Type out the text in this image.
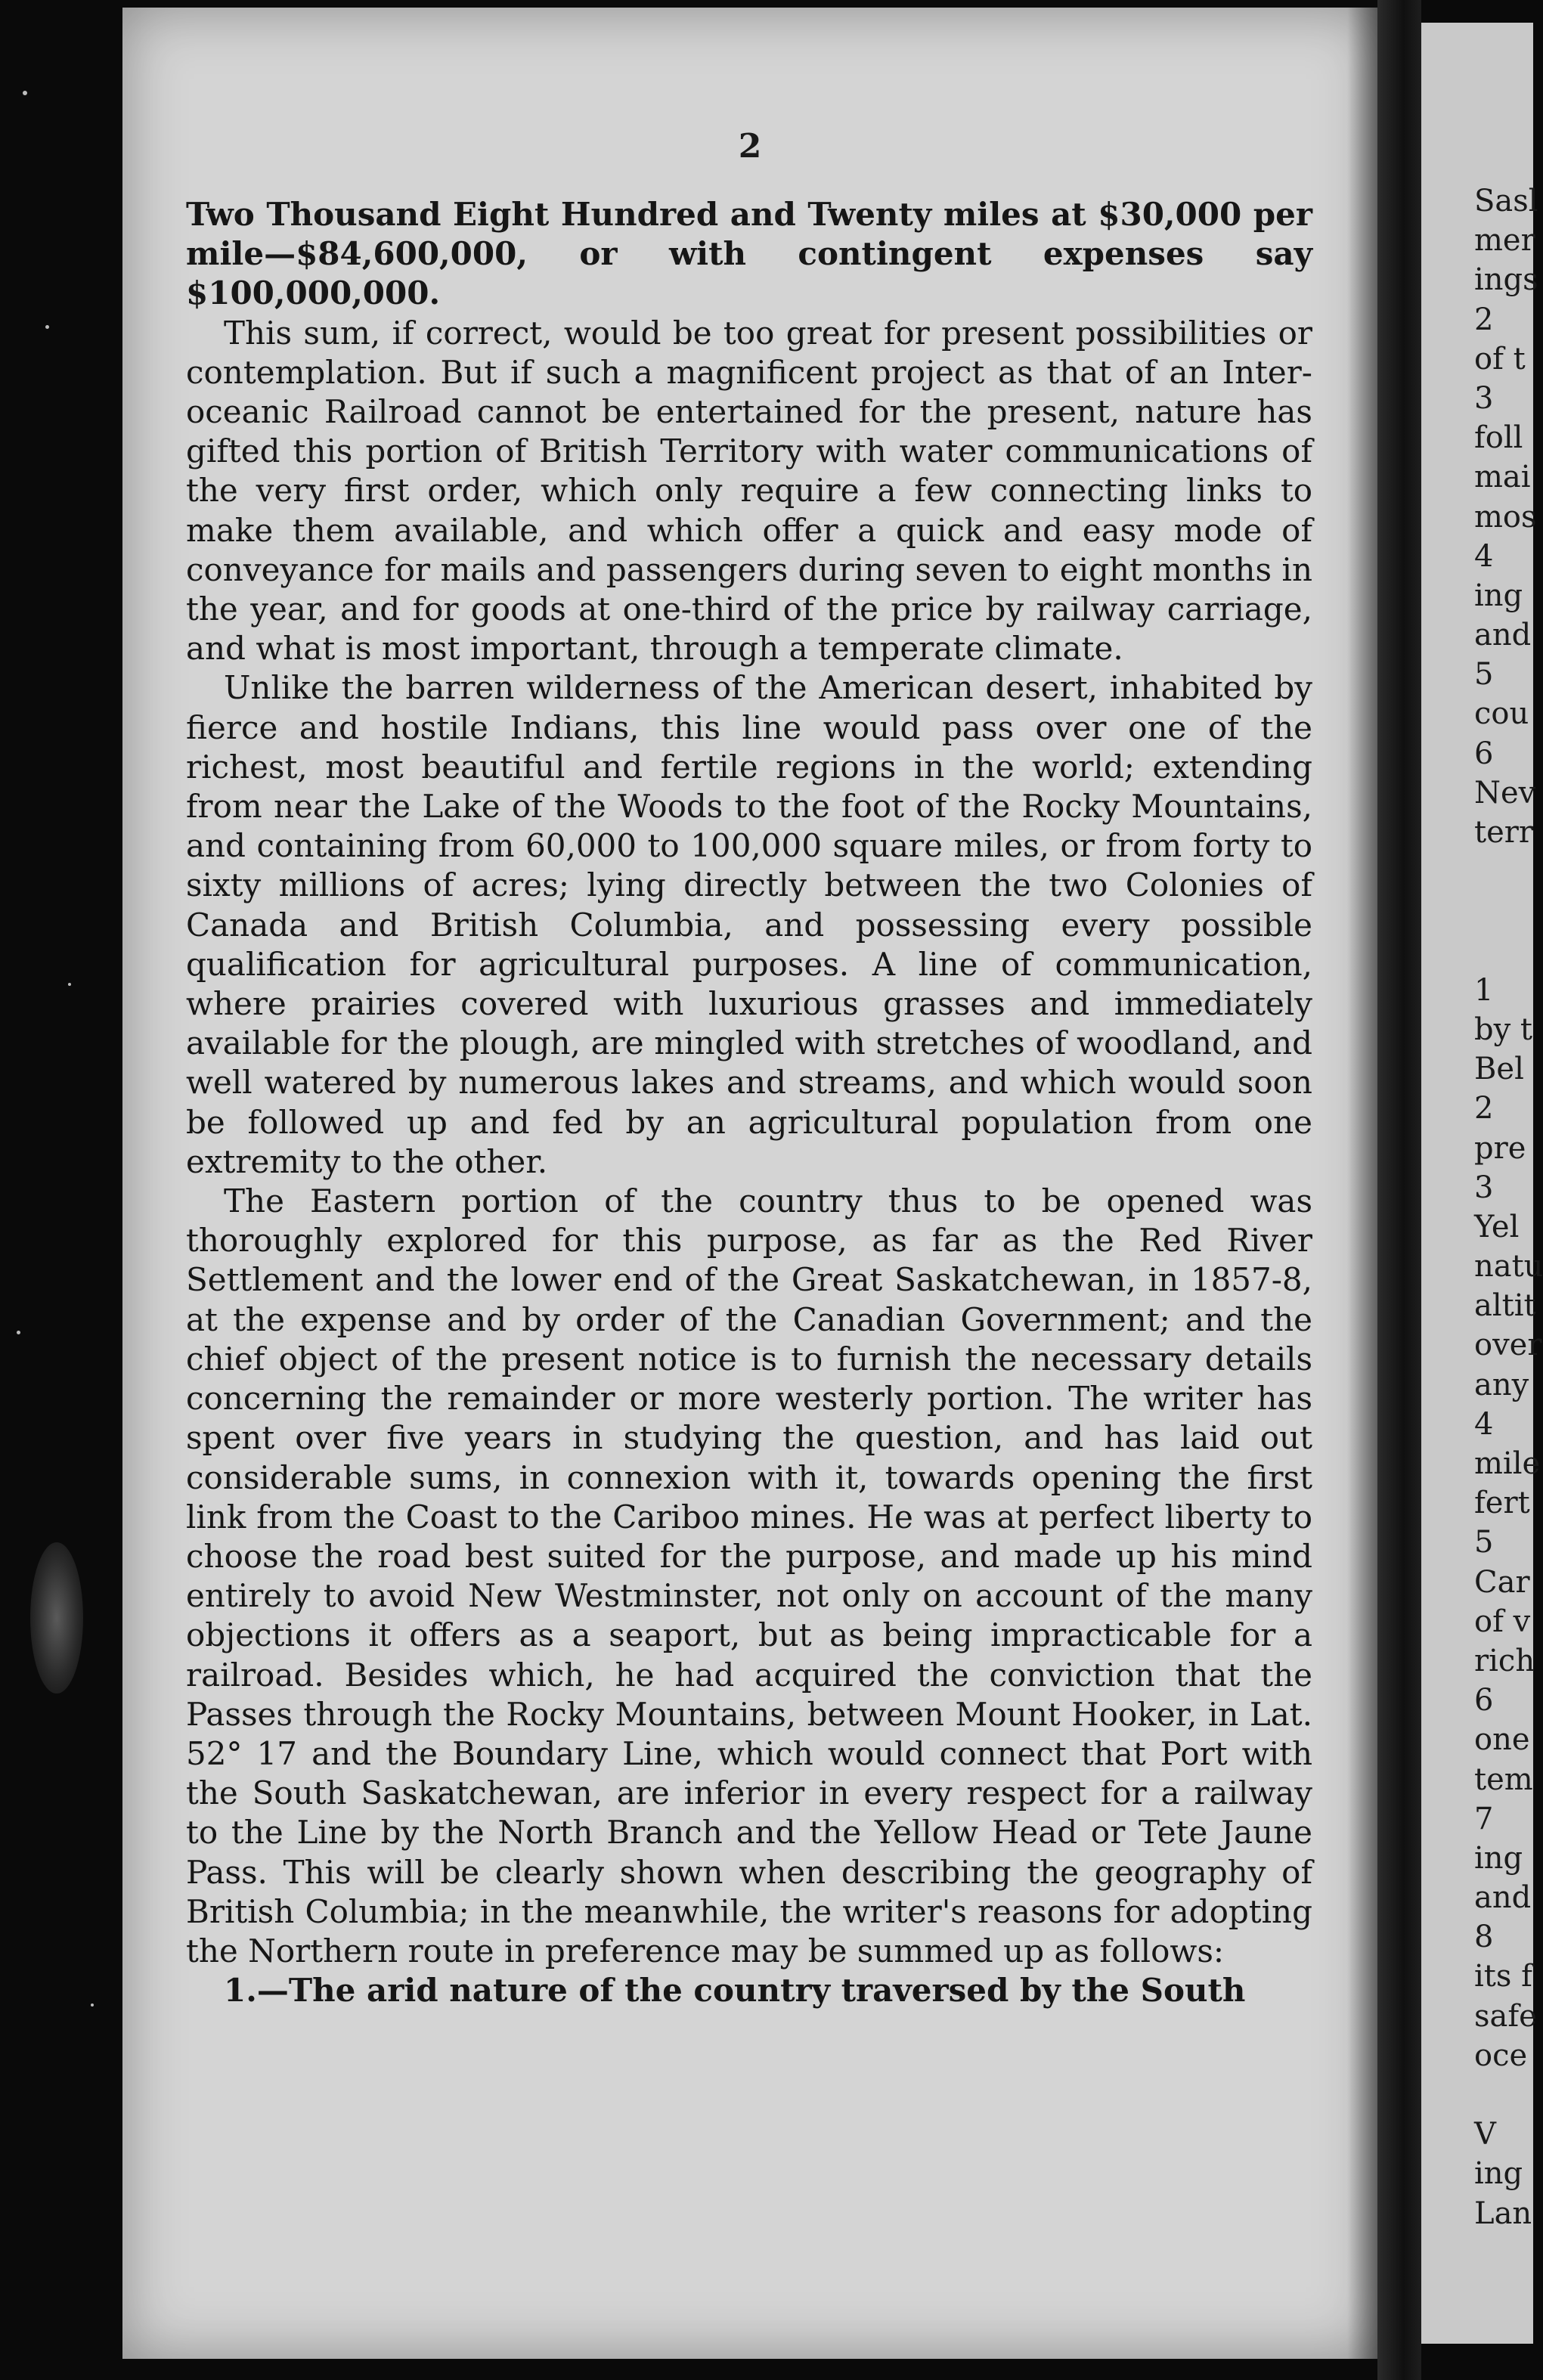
2

Two Thousand Eight Hundred and Twenty miles at $30,000 per mile—$84,600,000, or with contingent expenses say $100,000,000.

This sum, if correct, would be too great for present possibilities or contemplation. But if such a magnificent project as that of an Inter-oceanic Railroad cannot be entertained for the present, nature has gifted this portion of British Territory with water communications of the very first order, which only require a few connecting links to make them available, and which offer a quick and easy mode of conveyance for mails and passengers during seven to eight months in the year, and for goods at one-third of the price by railway carriage, and what is most important, through a temperate climate.

Unlike the barren wilderness of the American desert, inhabited by fierce and hostile Indians, this line would pass over one of the richest, most beautiful and fertile regions in the world; extending from near the Lake of the Woods to the foot of the Rocky Mountains, and containing from 60,000 to 100,000 square miles, or from forty to sixty millions of acres; lying directly between the two Colonies of Canada and British Columbia, and possessing every possible qualification for agricultural purposes. A line of communication, where prairies covered with luxurious grasses and immediately available for the plough, are mingled with stretches of woodland, and well watered by numerous lakes and streams, and which would soon be followed up and fed by an agricultural population from one extremity to the other.

The Eastern portion of the country thus to be opened was thoroughly explored for this purpose, as far as the Red River Settlement and the lower end of the Great Saskatchewan, in 1857-8, at the expense and by order of the Canadian Government; and the chief object of the present notice is to furnish the necessary details concerning the remainder or more westerly portion. The writer has spent over five years in studying the question, and has laid out considerable sums, in connexion with it, towards opening the first link from the Coast to the Cariboo mines. He was at perfect liberty to choose the road best suited for the purpose, and made up his mind entirely to avoid New Westminster, not only on account of the many objections it offers as a seaport, but as being impracticable for a railroad. Besides which, he had acquired the conviction that the Passes through the Rocky Mountains, between Mount Hooker, in Lat. 52° 17 and the Boundary Line, which would connect that Port with the South Saskatchewan, are inferior in every respect for a railway to the Line by the North Branch and the Yellow Head or Tete Jaune Pass. This will be clearly shown when describing the geography of British Columbia; in the meanwhile, the writer's reasons for adopting the Northern route in preference may be summed up as follows:

1.—The arid nature of the country traversed by the South

Sasl
mer
ings
2
of t
3
foll
mai
mos
4
ing
and
5
cou
6
Nev
terr
1
by t
Bel
2
pre
3
Yel
natu
altit
over
any
4
mile
fert
5
Car
of v
rich
6
one
tem
7
ing
and
8
its f
safe
oce
V
ing
Lan
